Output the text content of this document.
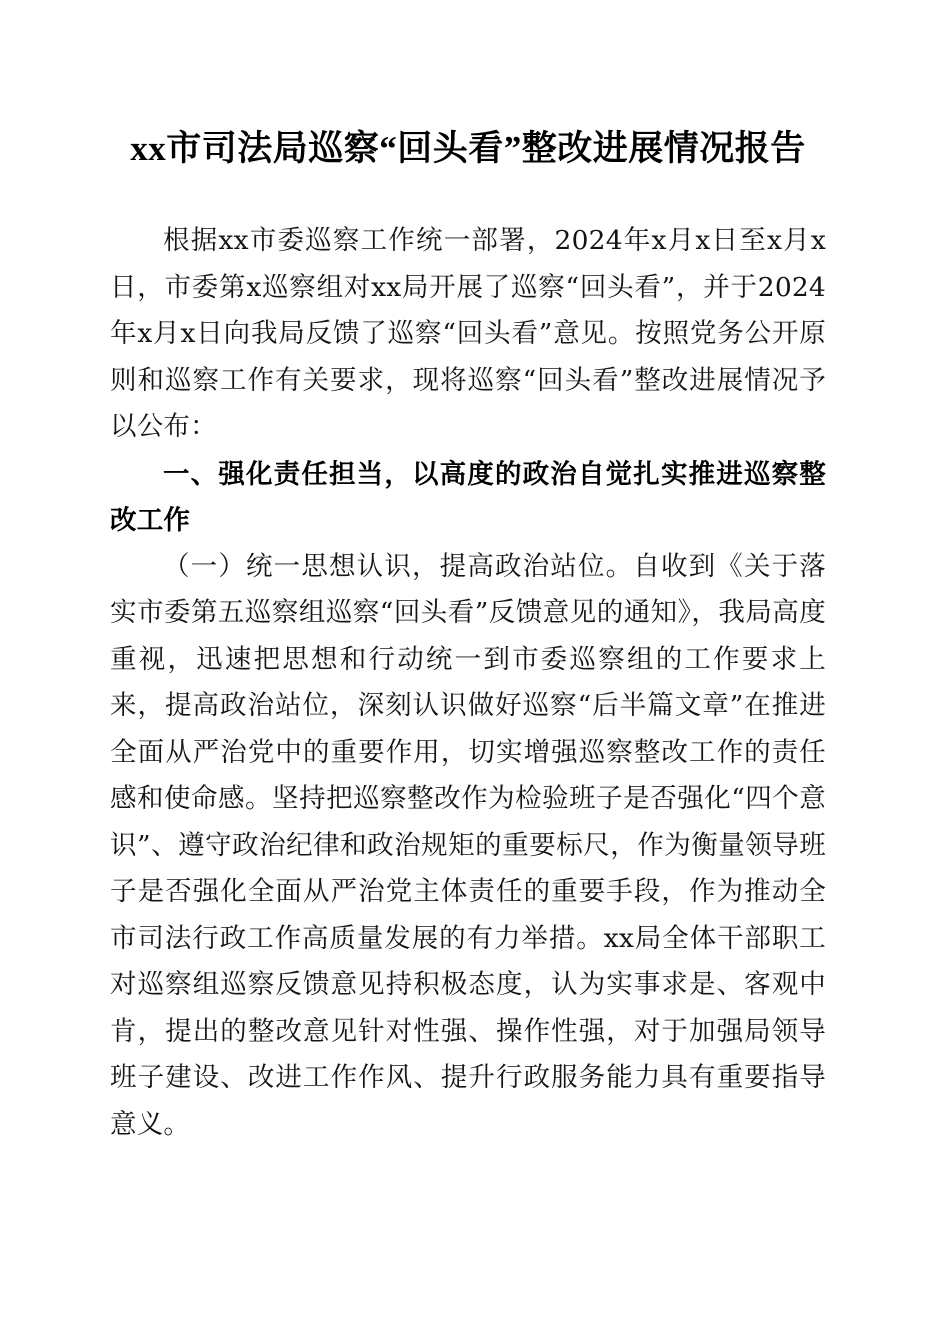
xx市司法局巡察“回头看”整改进展情况报告

根据xx市委巡察工作统一部署，2024年x月x日至x月x日，市委第x巡察组对xx局开展了巡察“回头看”，并于2024年x月x日向我局反馈了巡察“回头看”意见。按照党务公开原则和巡察工作有关要求，现将巡察“回头看”整改进展情况予以公布：

一、强化责任担当，以高度的政治自觉扎实推进巡察整改工作

（一）统一思想认识，提高政治站位。自收到《关于落实市委第五巡察组巡察“回头看”反馈意见的通知》，我局高度重视，迅速把思想和行动统一到市委巡察组的工作要求上来，提高政治站位，深刻认识做好巡察“后半篇文章”在推进全面从严治党中的重要作用，切实增强巡察整改工作的责任感和使命感。坚持把巡察整改作为检验班子是否强化“四个意识”、遵守政治纪律和政治规矩的重要标尺，作为衡量领导班子是否强化全面从严治党主体责任的重要手段，作为推动全市司法行政工作高质量发展的有力举措。xx局全体干部职工对巡察组巡察反馈意见持积极态度，认为实事求是、客观中肯，提出的整改意见针对性强、操作性强，对于加强局领导班子建设、改进工作作风、提升行政服务能力具有重要指导意义。
